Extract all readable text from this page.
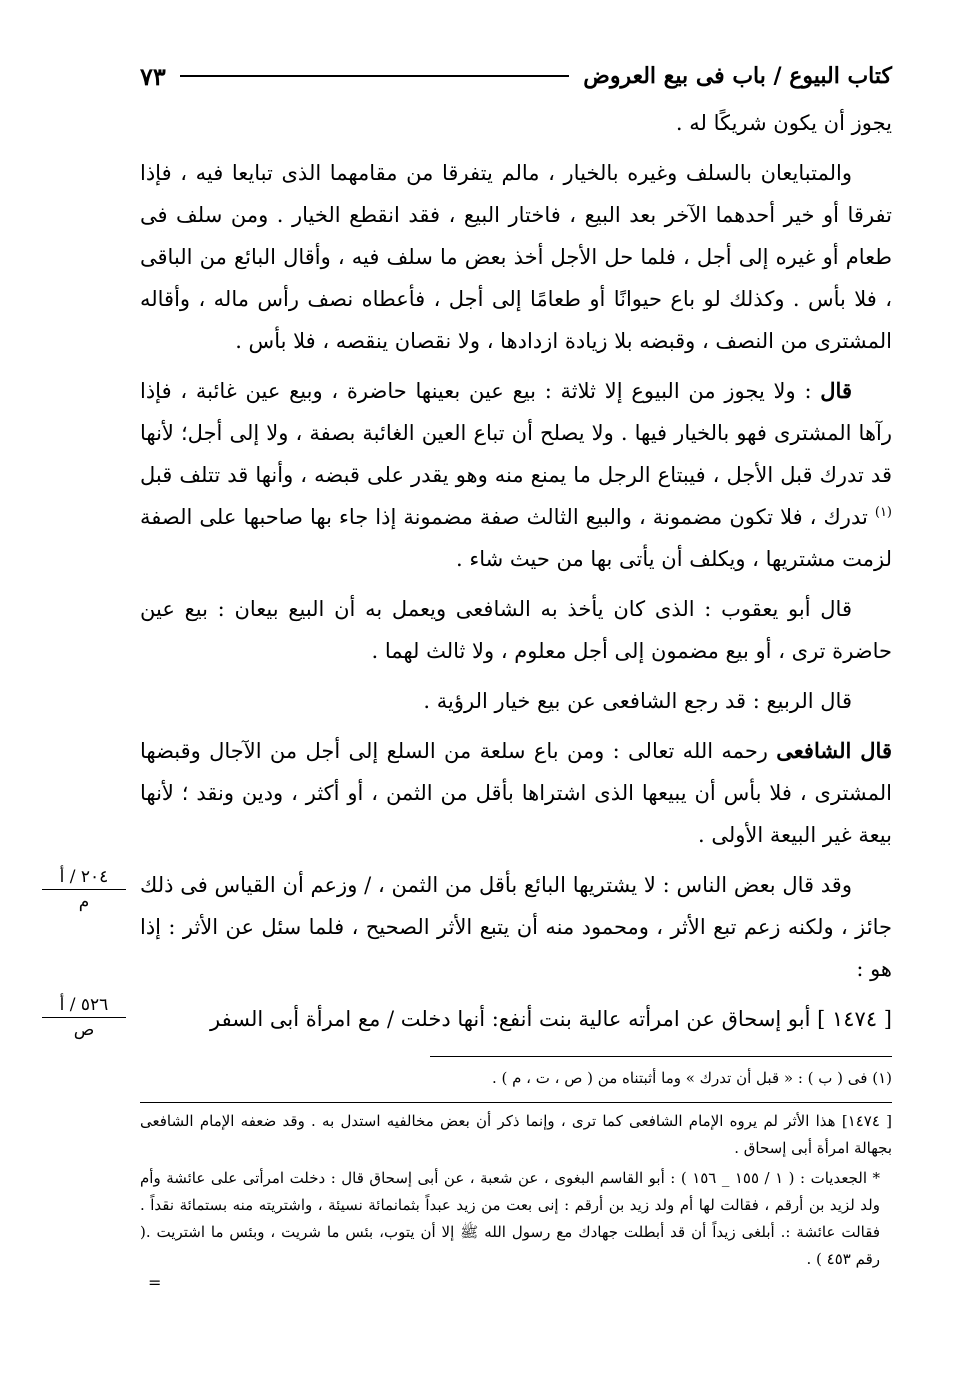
كتاب البيوع / باب فى بيع العروض
٧٣

يجوز أن يكون شريكًا له .

والمتبايعان بالسلف وغيره بالخيار ، مالم يتفرقا من مقامهما الذى تبايعا فيه ، فإذا تفرقا أو خير أحدهما الآخر بعد البيع ، فاختار البيع ، فقد انقطع الخيار . ومن سلف فى طعام أو غيره إلى أجل ، فلما حل الأجل أخذ بعض ما سلف فيه ، وأقال البائع من الباقى ، فلا بأس . وكذلك لو باع حيوانًا أو طعامًا إلى أجل ، فأعطاه نصف رأس ماله ، وأقاله المشترى من النصف ، وقبضه بلا زيادة ازدادها ، ولا نقصان ينقصه ، فلا بأس .

قال : ولا يجوز من البيوع إلا ثلاثة : بيع عين بعينها حاضرة ، وبيع عين غائبة ، فإذا رآها المشترى فهو بالخيار فيها . ولا يصلح أن تباع العين الغائبة بصفة ، ولا إلى أجل؛ لأنها قد تدرك قبل الأجل ، فيبتاع الرجل ما يمنع منه وهو يقدر على قبضه ، وأنها قد تتلف قبل $^{(١)}$ تدرك ، فلا تكون مضمونة ، والبيع الثالث صفة مضمونة إذا جاء بها صاحبها على الصفة لزمت مشتريها ، ويكلف أن يأتى بها من حيث شاء .

قال أبو يعقوب : الذى كان يأخذ به الشافعى ويعمل به أن البيع بيعان : بيع عين حاضرة ترى ، أو بيع مضمون إلى أجل معلوم ، ولا ثالث لهما .

قال الربيع : قد رجع الشافعى عن بيع خيار الرؤية .

قال الشافعى رحمه الله تعالى : ومن باع سلعة من السلع إلى أجل من الآجال وقبضها المشترى ، فلا بأس أن يبيعها الذى اشتراها بأقل من الثمن ، أو أكثر ، ودين ونقد ؛ لأنها بيعة غير البيعة الأولى .

وقد قال بعض الناس : لا يشتريها البائع بأقل من الثمن ، / وزعم أن القياس فى ذلك جائز ، ولكنه زعم تبع الأثر ، ومحمود منه أن يتبع الأثر الصحيح ، فلما سئل عن الأثر : إذا هو :

[ ١٤٧٤ ] أبو إسحاق عن امرأته عالية بنت أنفع: أنها دخلت / مع امرأة أبى السفر

٢٠٤ / أ
م
٥٢٦ / أ
ص
(١) فى ( ب ) : « قبل أن تدرك » وما أثبتناه من ( ص ، ت ، م ) .

[ ١٤٧٤] هذا الأثر لم يروه الإمام الشافعى كما ترى ، وإنما ذكر أن بعض مخالفيه استدل به . وقد ضعفه الإمام الشافعى بجهالة امرأة أبى إسحاق .

* الجعديات : ( ١ / ١٥٥ _ ١٥٦ ) : أبو القاسم البغوى ، عن شعبة ، عن أبى إسحاق قال : دخلت امرأتى على عائشة وأم ولد لزيد بن أرقم ، فقالت لها أم ولد زيد بن أرقم : إنى بعت من زيد عبداً بثمانمائة نسيئة ، واشتريته منه بستمائة نقداً . فقالت عائشة :. أبلغى زيداً أن قد أبطلت جهادك مع رسول الله ﷺ إلا أن يتوب، بئس ما شريت ، وبئس ما اشتريت .( رقم ٤٥٣ ) .

=
